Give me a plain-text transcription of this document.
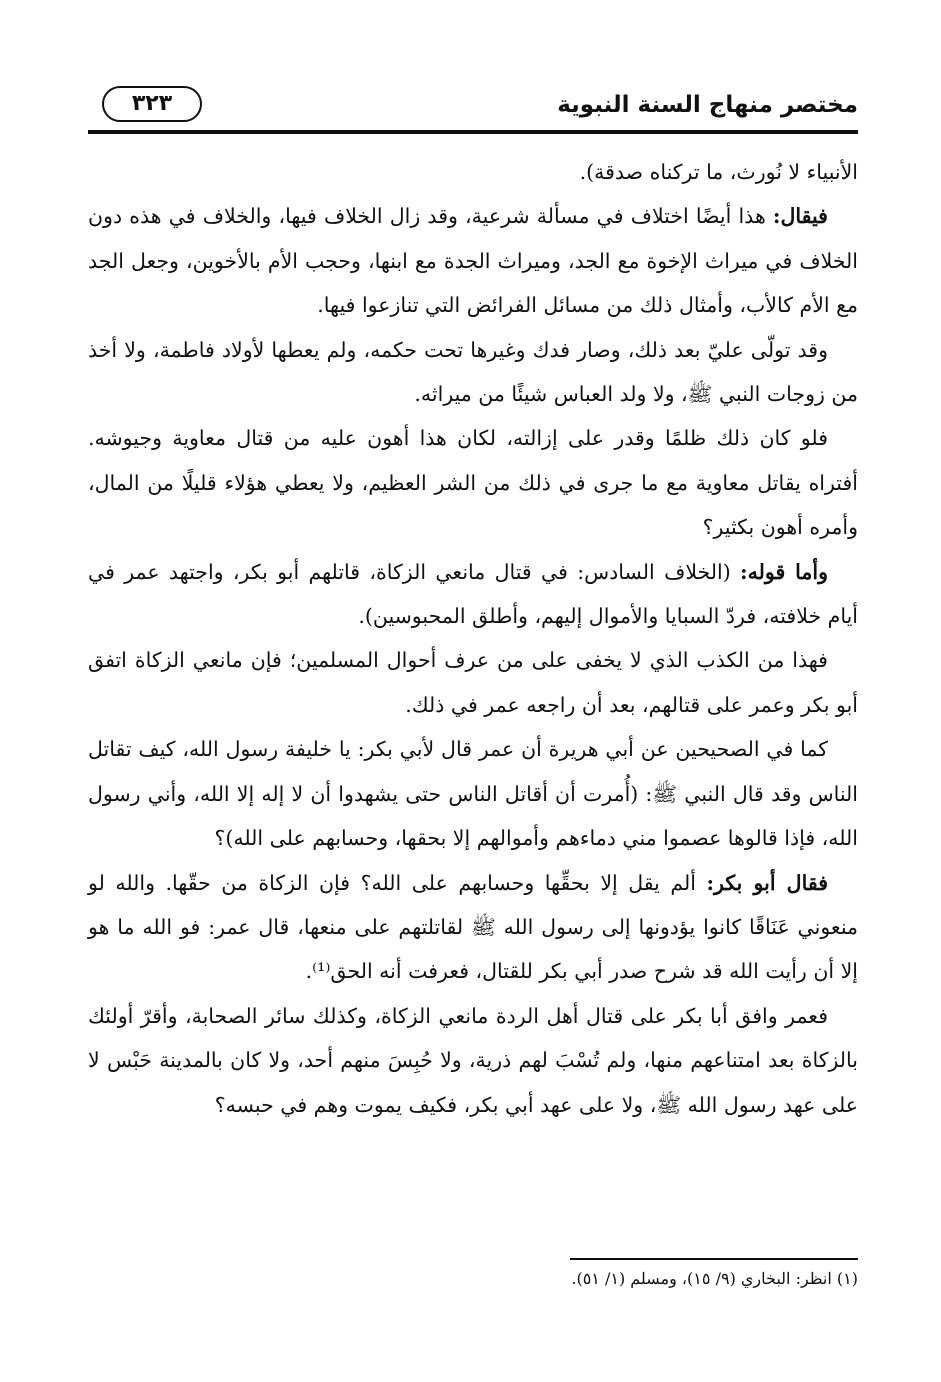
مختصر منهاج السنة النبوية
٣٢٣

الأنبياء لا نُورث، ما تركناه صدقة).

فيقال: هذا أيضًا اختلاف في مسألة شرعية، وقد زال الخلاف فيها، والخلاف في هذه دون الخلاف في ميراث الإخوة مع الجد، وميراث الجدة مع ابنها، وحجب الأم بالأخوين، وجعل الجد مع الأم كالأب، وأمثال ذلك من مسائل الفرائض التي تنازعوا فيها.

وقد تولّى عليّ بعد ذلك، وصار فدك وغيرها تحت حكمه، ولم يعطها لأولاد فاطمة، ولا أخذ من زوجات النبي ﷺ، ولا ولد العباس شيئًا من ميراثه.

فلو كان ذلك ظلمًا وقدر على إزالته، لكان هذا أهون عليه من قتال معاوية وجيوشه. أفتراه يقاتل معاوية مع ما جرى في ذلك من الشر العظيم، ولا يعطي هؤلاء قليلًا من المال، وأمره أهون بكثير؟

وأما قوله: (الخلاف السادس: في قتال مانعي الزكاة، قاتلهم أبو بكر، واجتهد عمر في أيام خلافته، فردّ السبايا والأموال إليهم، وأطلق المحبوسين).

فهذا من الكذب الذي لا يخفى على من عرف أحوال المسلمين؛ فإن مانعي الزكاة اتفق أبو بكر وعمر على قتالهم، بعد أن راجعه عمر في ذلك.

كما في الصحيحين عن أبي هريرة أن عمر قال لأبي بكر: يا خليفة رسول الله، كيف تقاتل الناس وقد قال النبي ﷺ: (أُمرت أن أقاتل الناس حتى يشهدوا أن لا إله إلا الله، وأني رسول الله، فإذا قالوها عصموا مني دماءهم وأموالهم إلا بحقها، وحسابهم على الله)؟

فقال أبو بكر: ألم يقل إلا بحقِّها وحسابهم على الله؟ فإن الزكاة من حقّها. والله لو منعوني عَنَاقًا كانوا يؤدونها إلى رسول الله ﷺ لقاتلتهم على منعها، قال عمر: فو الله ما هو إلا أن رأيت الله قد شرح صدر أبي بكر للقتال، فعرفت أنه الحق⁽¹⁾.

فعمر وافق أبا بكر على قتال أهل الردة مانعي الزكاة، وكذلك سائر الصحابة، وأقرّ أولئك بالزكاة بعد امتناعهم منها، ولم تُسْبَ لهم ذرية، ولا حُبِسَ منهم أحد، ولا كان بالمدينة حَبْس لا على عهد رسول الله ﷺ، ولا على عهد أبي بكر، فكيف يموت وهم في حبسه؟

(١) انظر: البخاري (٩/ ١٥)، ومسلم (١/ ٥١).
